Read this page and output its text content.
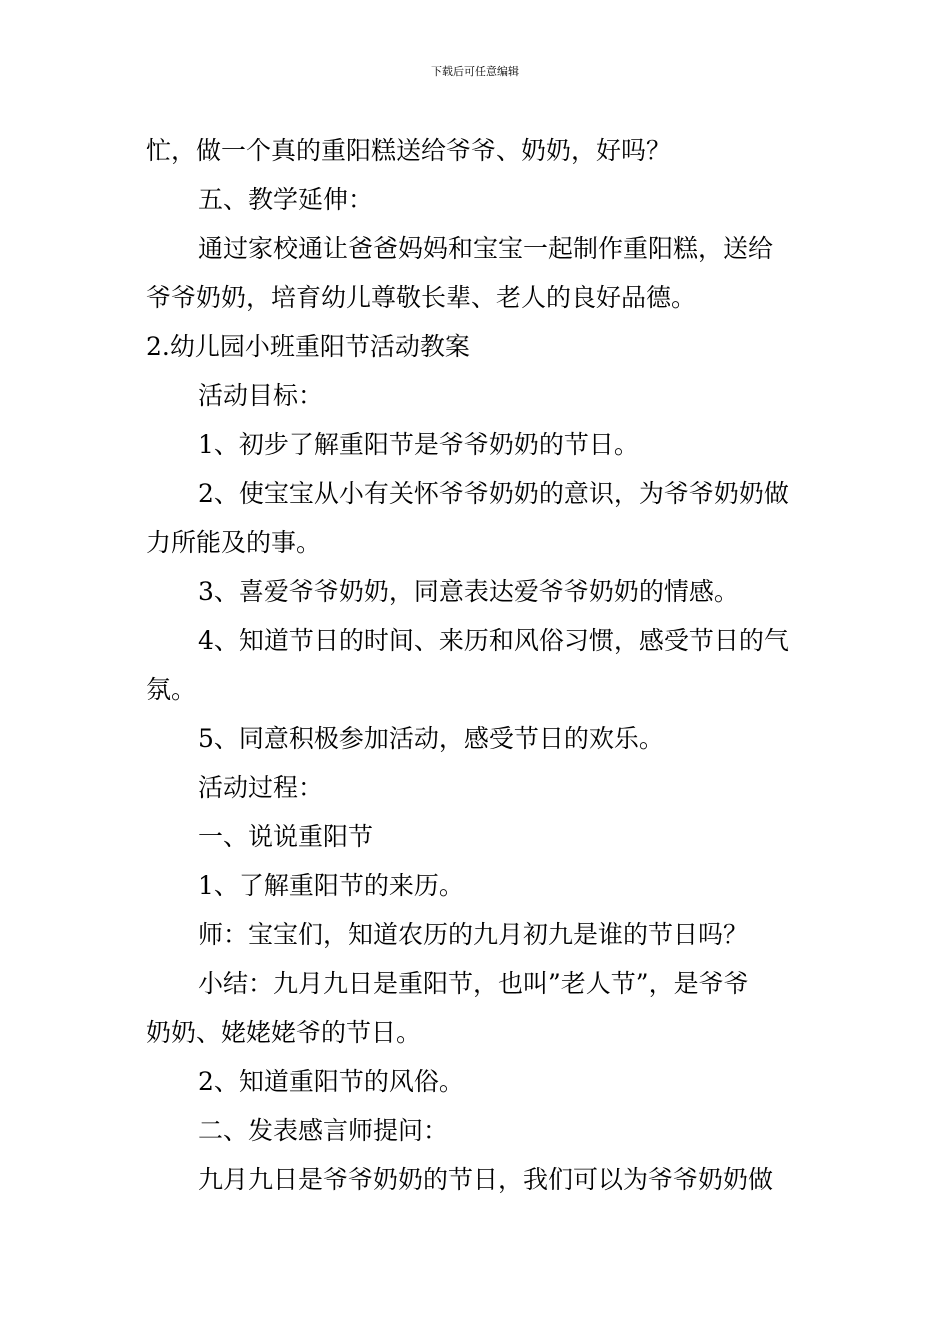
下载后可任意编辑
忙，做一个真的重阳糕送给爷爷、奶奶，好吗？
五、教学延伸：
通过家校通让爸爸妈妈和宝宝一起制作重阳糕，送给
爷爷奶奶，培育幼儿尊敬长辈、老人的良好品德。
2.幼儿园小班重阳节活动教案
活动目标：
1、初步了解重阳节是爷爷奶奶的节日。
2、使宝宝从小有关怀爷爷奶奶的意识，为爷爷奶奶做
力所能及的事。
3、喜爱爷爷奶奶，同意表达爱爷爷奶奶的情感。
4、知道节日的时间、来历和风俗习惯，感受节日的气
氛。
5、同意积极参加活动，感受节日的欢乐。
活动过程：
一、说说重阳节
1、了解重阳节的来历。
师：宝宝们，知道农历的九月初九是谁的节日吗？
小结：九月九日是重阳节，也叫”老人节”，是爷爷
奶奶、姥姥姥爷的节日。
2、知道重阳节的风俗。
二、发表感言师提问：
九月九日是爷爷奶奶的节日，我们可以为爷爷奶奶做
